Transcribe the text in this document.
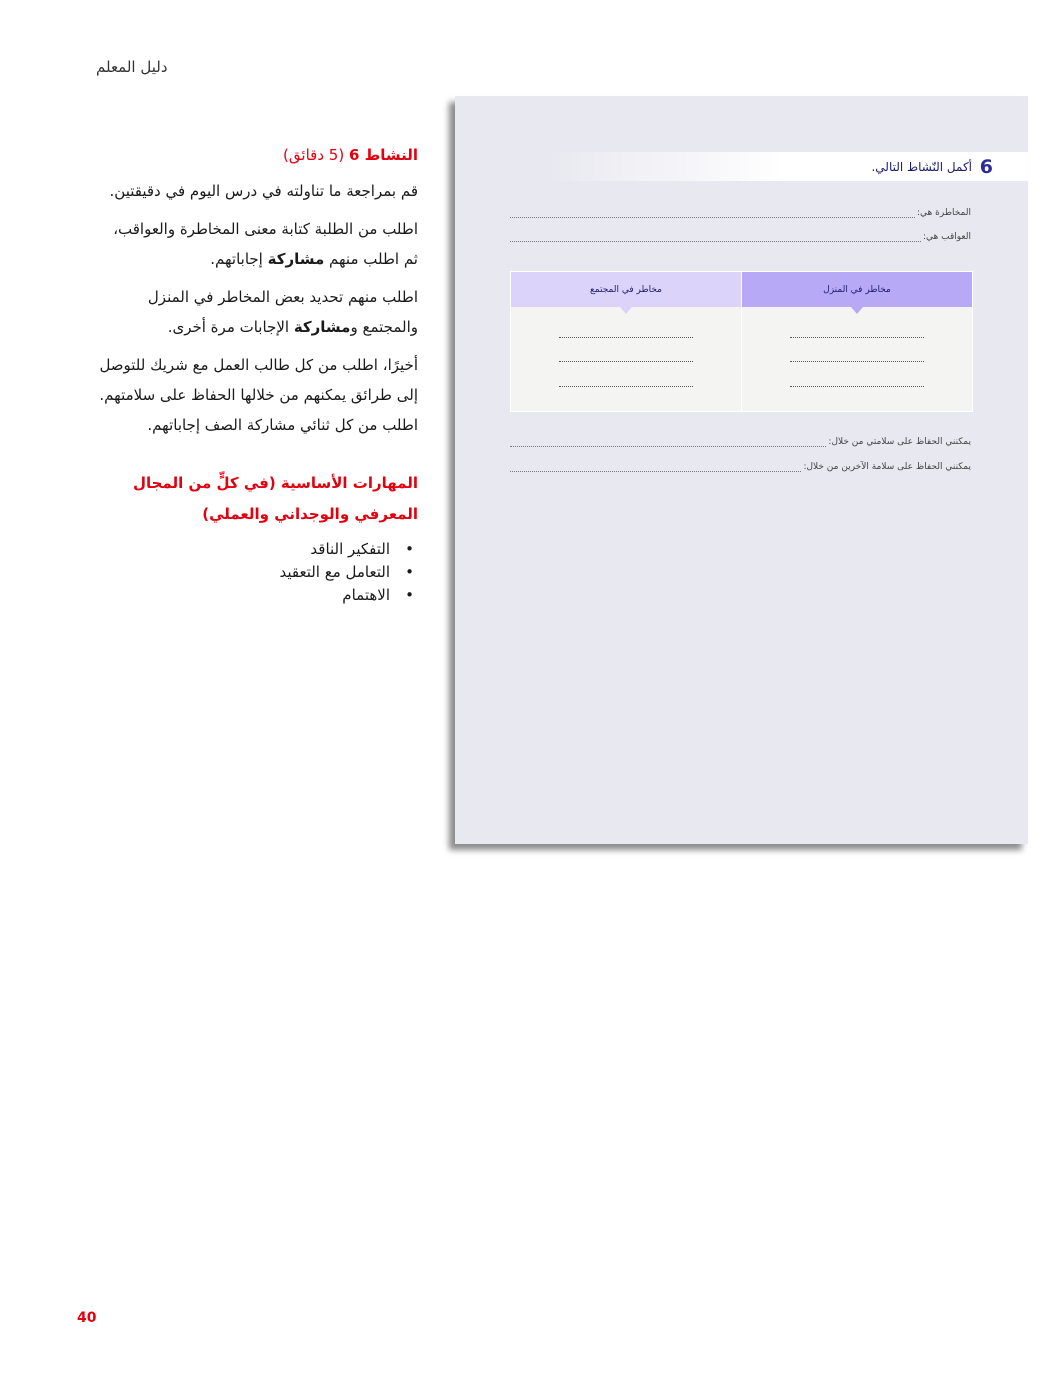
دليل المعلم
النشاط 6 (5 دقائق)

قم بمراجعة ما تناولته في درس اليوم في دقيقتين.

اطلب من الطلبة كتابة معنى المخاطرة والعواقب، ثم اطلب منهم مشاركة إجاباتهم.

اطلب منهم تحديد بعض المخاطر في المنزل والمجتمع ومشاركة الإجابات مرة أخرى.

أخيرًا، اطلب من كل طالب العمل مع شريك للتوصل إلى طرائق يمكنهم من خلالها الحفاظ على سلامتهم. اطلب من كل ثنائي مشاركة الصف إجاباتهم.

المهارات الأساسية (في كلٍّ من المجال المعرفي والوجداني والعملي)
• التفكير الناقد
• التعامل مع التعقيد
• الاهتمام
6
أكمل النّشاط التالي.
المخاطرة هي:
العواقب هي:
مخاطر في المنزل
مخاطر في المجتمع
يمكنني الحفاظ على سلامتي من خلال:
يمكنني الحفاظ على سلامة الآخرين من خلال:
40
